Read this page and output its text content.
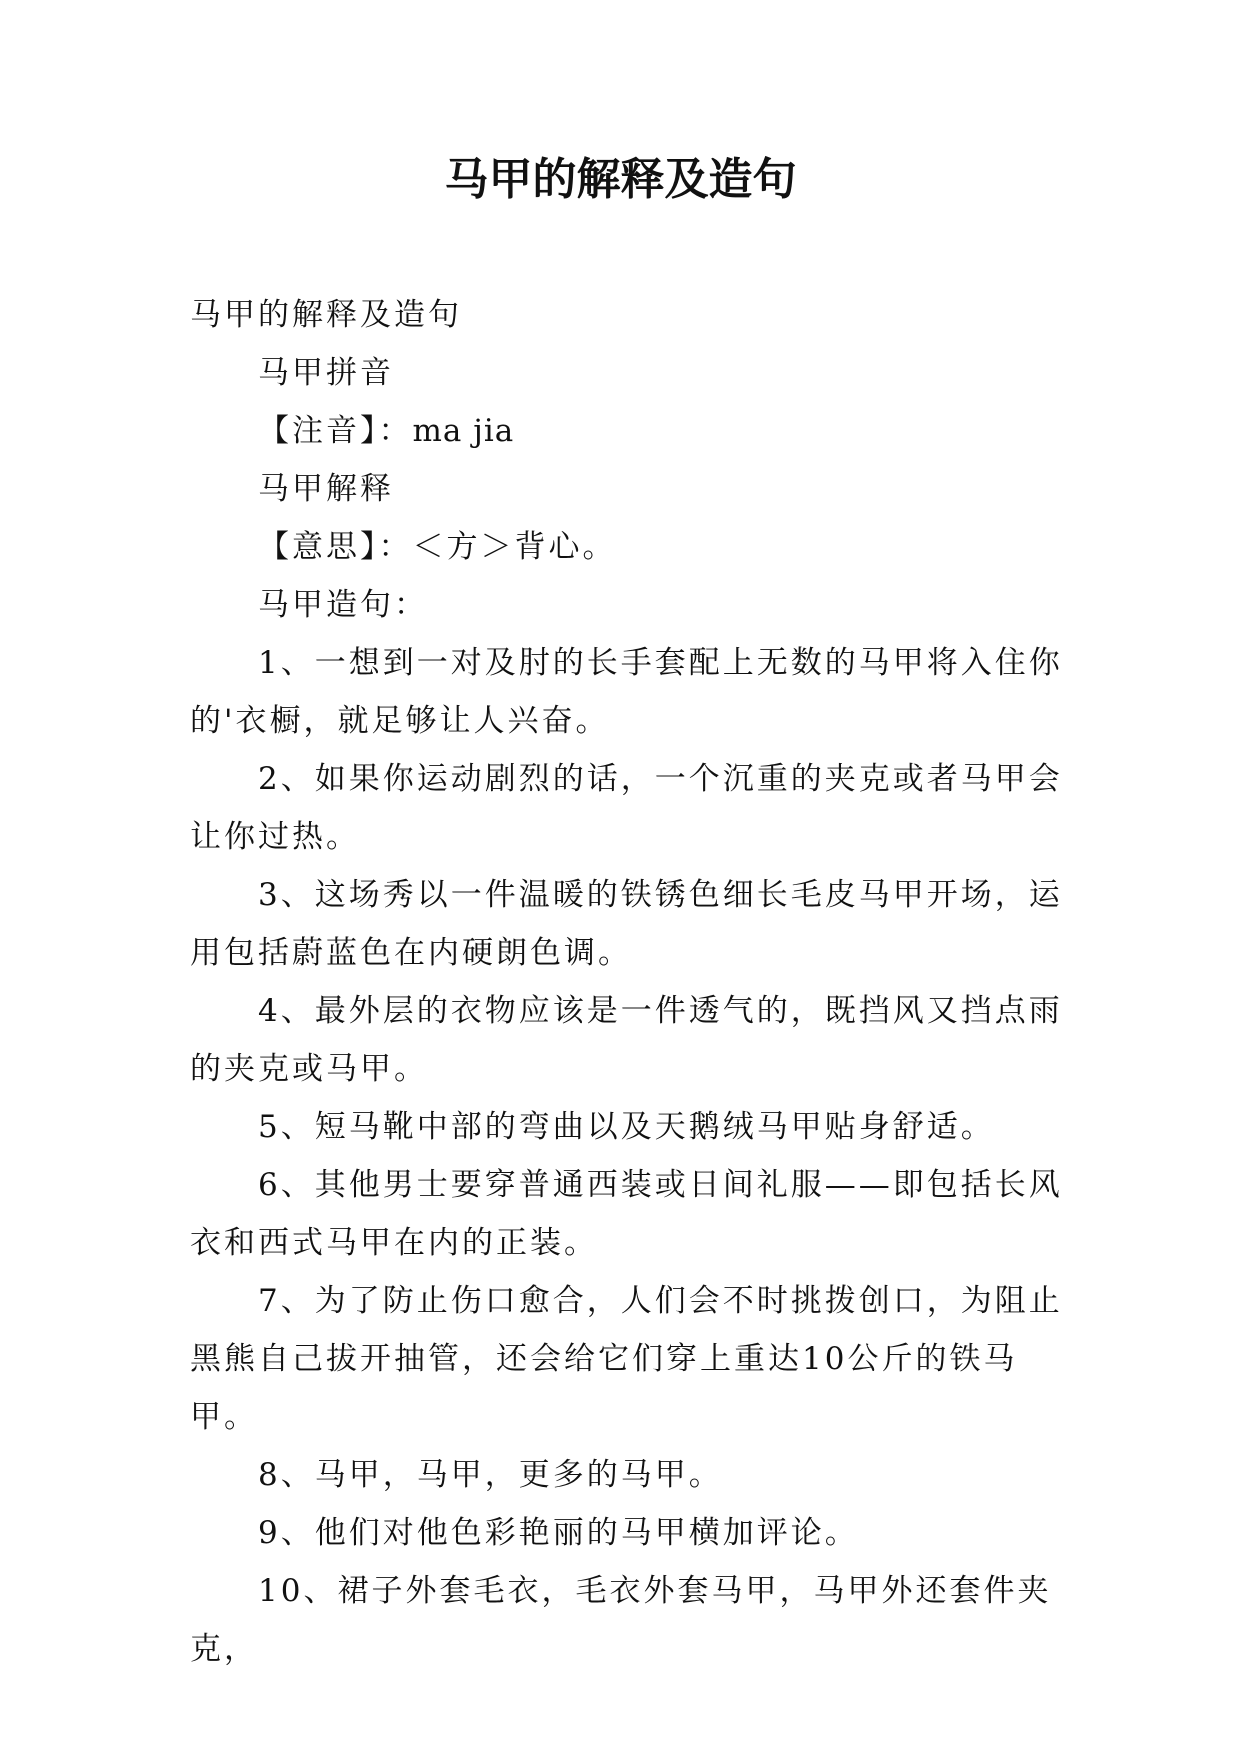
马甲的解释及造句

马甲的解释及造句

马甲拼音

【注音】：ma jia

马甲解释

【意思】：＜方＞背心。

马甲造句：

1、一想到一对及肘的长手套配上无数的马甲将入住你的'衣橱，就足够让人兴奋。

2、如果你运动剧烈的话，一个沉重的夹克或者马甲会让你过热。

3、这场秀以一件温暖的铁锈色细长毛皮马甲开场，运用包括蔚蓝色在内硬朗色调。

4、最外层的衣物应该是一件透气的，既挡风又挡点雨的夹克或马甲。

5、短马靴中部的弯曲以及天鹅绒马甲贴身舒适。

6、其他男士要穿普通西装或日间礼服——即包括长风衣和西式马甲在内的正装。

7、为了防止伤口愈合，人们会不时挑拨创口，为阻止黑熊自己拔开抽管，还会给它们穿上重达10公斤的铁马甲。

8、马甲，马甲，更多的马甲。

9、他们对他色彩艳丽的马甲横加评论。

10、裙子外套毛衣，毛衣外套马甲，马甲外还套件夹克，
